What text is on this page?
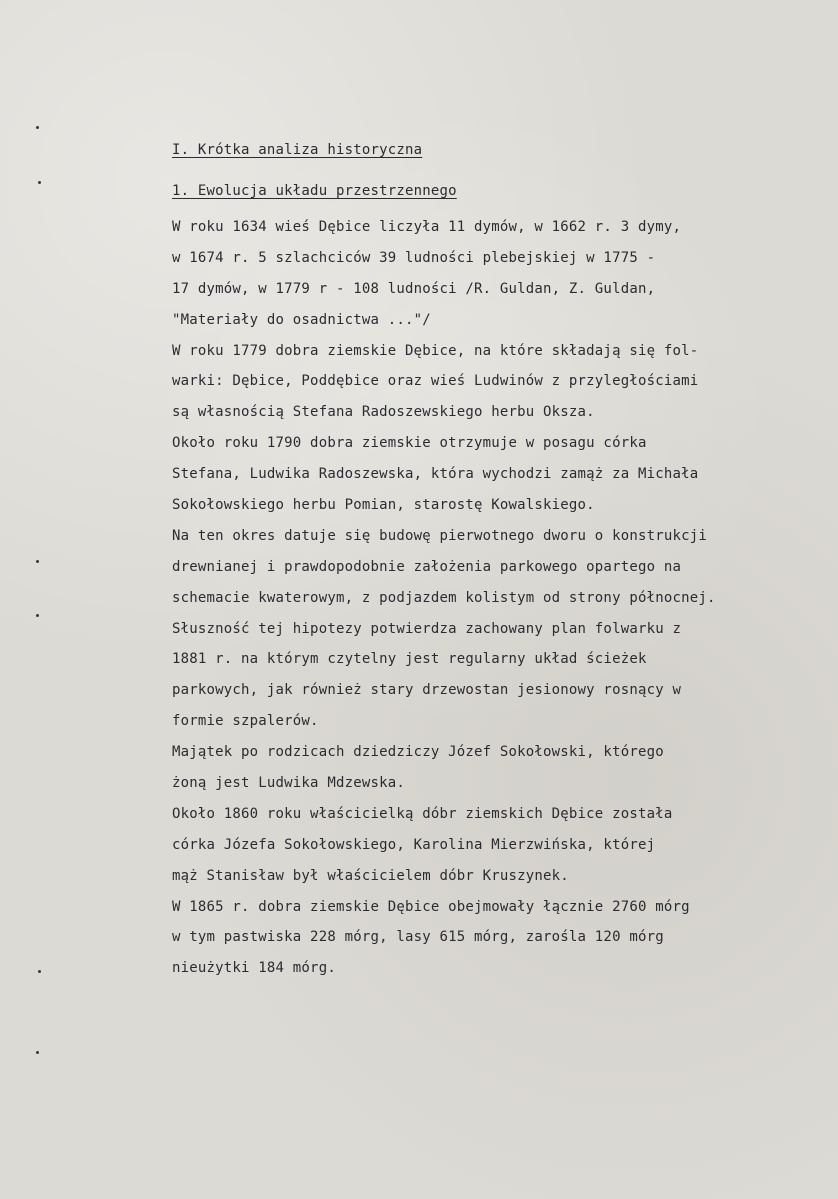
I. Krótka analiza historyczna

1. Ewolucja układu przestrzennego

W roku 1634 wieś Dębice liczyła 11 dymów, w 1662 r. 3 dymy,

w 1674 r. 5 szlachciców 39 ludności plebejskiej w 1775 -

17 dymów, w 1779 r - 108 ludności /R. Guldan, Z. Guldan,

"Materiały do osadnictwa ..."/

W roku 1779 dobra ziemskie Dębice, na które składają się fol-

warki: Dębice, Poddębice oraz wieś Ludwinów z przyległościami

są własnością Stefana Radoszewskiego herbu Oksza.

Około roku 1790 dobra ziemskie otrzymuje w posagu córka

Stefana, Ludwika Radoszewska, która wychodzi zamąż za Michała

Sokołowskiego herbu Pomian, starostę Kowalskiego.

Na ten okres datuje się budowę pierwotnego dworu o konstrukcji

drewnianej i prawdopodobnie założenia parkowego opartego na

schemacie kwaterowym, z podjazdem kolistym od strony północnej.

Słuszność tej hipotezy potwierdza zachowany plan folwarku z

1881 r. na którym czytelny jest regularny układ ścieżek

parkowych, jak również stary drzewostan jesionowy rosnący w

formie szpalerów.

Majątek po rodzicach dziedziczy Józef Sokołowski, którego

żoną jest Ludwika Mdzewska.

Około 1860 roku właścicielką dóbr ziemskich Dębice została

córka Józefa Sokołowskiego, Karolina Mierzwińska, której

mąż Stanisław był właścicielem dóbr Kruszynek.

W 1865 r. dobra ziemskie Dębice obejmowały łącznie 2760 mórg

w tym pastwiska 228 mórg, lasy 615 mórg, zarośla 120 mórg

nieużytki 184 mórg.
